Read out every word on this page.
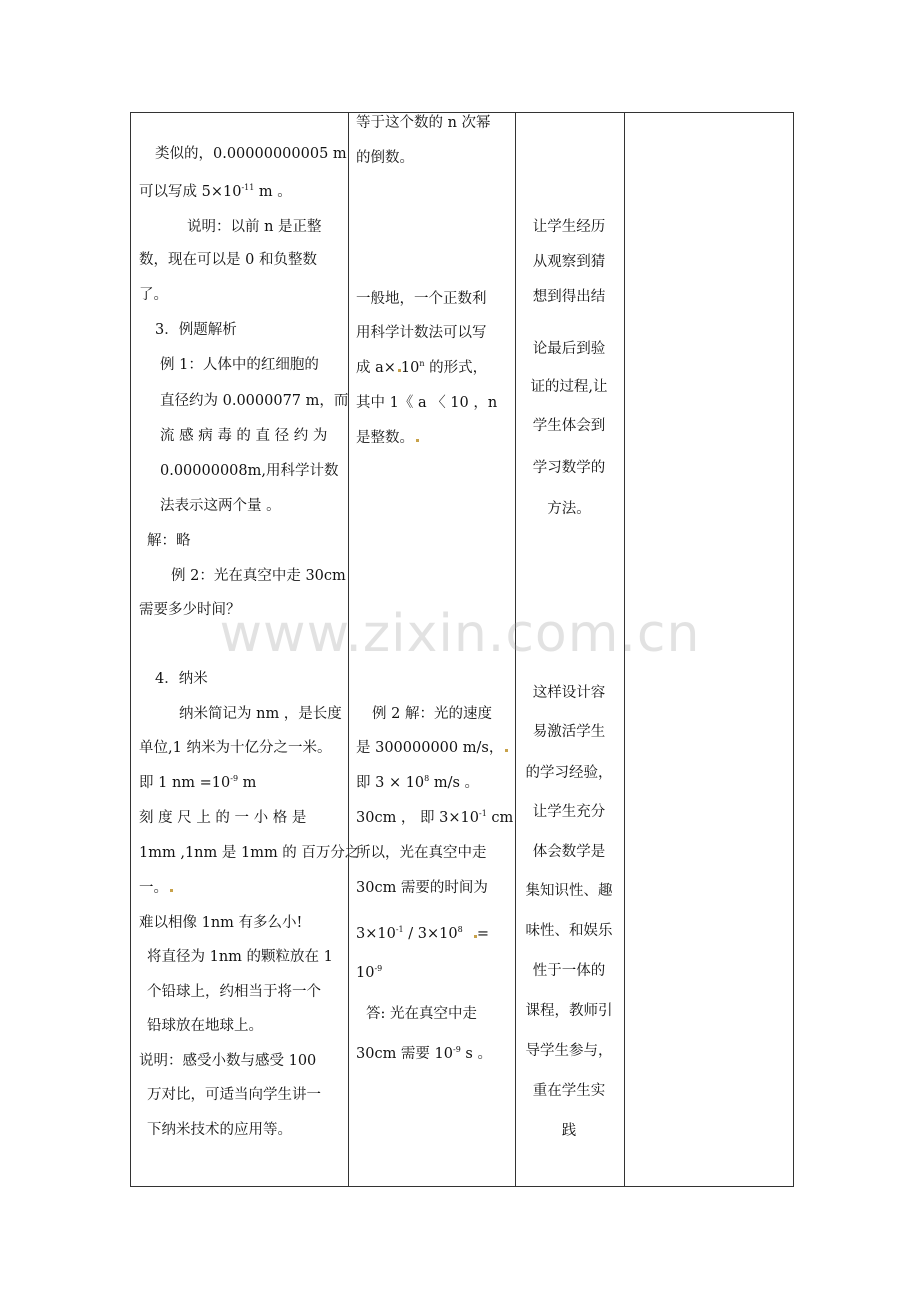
类似的，0.00000000005 m
可以写成 $5\times 10^{-11}$ m 。
说明：以前 n 是正整
数，现在可以是 0 和负整数
了。
3．例题解析
例 1：人体中的红细胞的
直径约为 0.0000077 m，而
流 感 病 毒 的 直 径 约 为
0.00000008m,用科学计数
法表示这两个量 。
解：略
例 2：光在真空中走 30cm
需要多少时间？
4．纳米
纳米简记为 nm ，是长度
单位,1 纳米为十亿分之一米。
即 1 nm $=10^{-9}$ m
刻 度 尺 上 的 一 小 格 是
1mm ,1nm 是 1mm 的 百万分之
一。
难以相像 1nm 有多么小!
将直径为 1nm 的颗粒放在 1
个铅球上，约相当于将一个
铅球放在地球上。
说明：感受小数与感受 100
万对比，可适当向学生讲一
下纳米技术的应用等。
等于这个数的 n 次幂
的倒数。
一般地，一个正数利
用科学计数法可以写
成 $a\times 10^n$ 的形式，
其中 1《 a 〈 10 ，n
是整数。
例 2 解：光的速度
是 300000000 m/s，
即 $3 \times 10^8$ m/s 。
30cm ， 即 $3\times 10^{-1}$ cm
所以，光在真空中走
30cm 需要的时间为
$3\times 10^{-1} / 3\times 10^8$ =
$10^{-9}$
答: 光在真空中走
30cm 需要 $10^{-9}$ s 。
让学生经历
从观察到猜
想到得出结
论最后到验
证的过程,让
学生体会到
学习数学的
方法。
这样设计容
易激活学生
的学习经验，
让学生充分
体会数学是
集知识性、趣
味性、和娱乐
性于一体的
课程，教师引
导学生参与，
重在学生实
践
www.zixin.com.cn
